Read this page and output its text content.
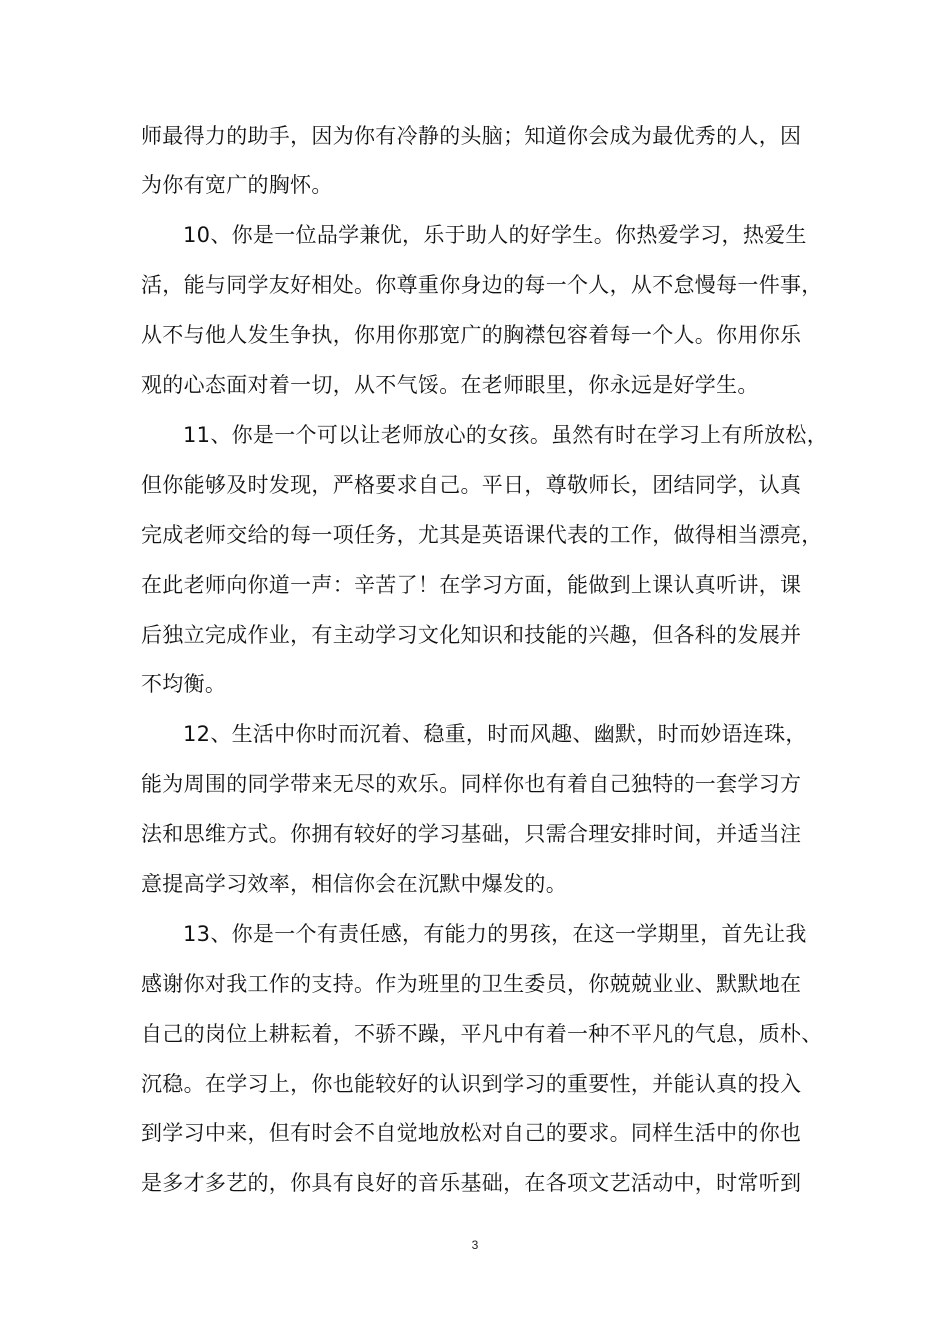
师最得力的助手，因为你有冷静的头脑；知道你会成为最优秀的人，因
为你有宽广的胸怀。
10、你是一位品学兼优，乐于助人的好学生。你热爱学习，热爱生
活，能与同学友好相处。你尊重你身边的每一个人，从不怠慢每一件事，
从不与他人发生争执，你用你那宽广的胸襟包容着每一个人。你用你乐
观的心态面对着一切，从不气馁。在老师眼里，你永远是好学生。
11、你是一个可以让老师放心的女孩。虽然有时在学习上有所放松，
但你能够及时发现，严格要求自己。平日，尊敬师长，团结同学，认真
完成老师交给的每一项任务，尤其是英语课代表的工作，做得相当漂亮，
在此老师向你道一声：辛苦了！在学习方面，能做到上课认真听讲，课
后独立完成作业，有主动学习文化知识和技能的兴趣，但各科的发展并
不均衡。
12、生活中你时而沉着、稳重，时而风趣、幽默，时而妙语连珠，
能为周围的同学带来无尽的欢乐。同样你也有着自己独特的一套学习方
法和思维方式。你拥有较好的学习基础，只需合理安排时间，并适当注
意提高学习效率，相信你会在沉默中爆发的。
13、你是一个有责任感，有能力的男孩，在这一学期里，首先让我
感谢你对我工作的支持。作为班里的卫生委员，你兢兢业业、默默地在
自己的岗位上耕耘着，不骄不躁，平凡中有着一种不平凡的气息，质朴、
沉稳。在学习上，你也能较好的认识到学习的重要性，并能认真的投入
到学习中来，但有时会不自觉地放松对自己的要求。同样生活中的你也
是多才多艺的，你具有良好的音乐基础，在各项文艺活动中，时常听到
3
